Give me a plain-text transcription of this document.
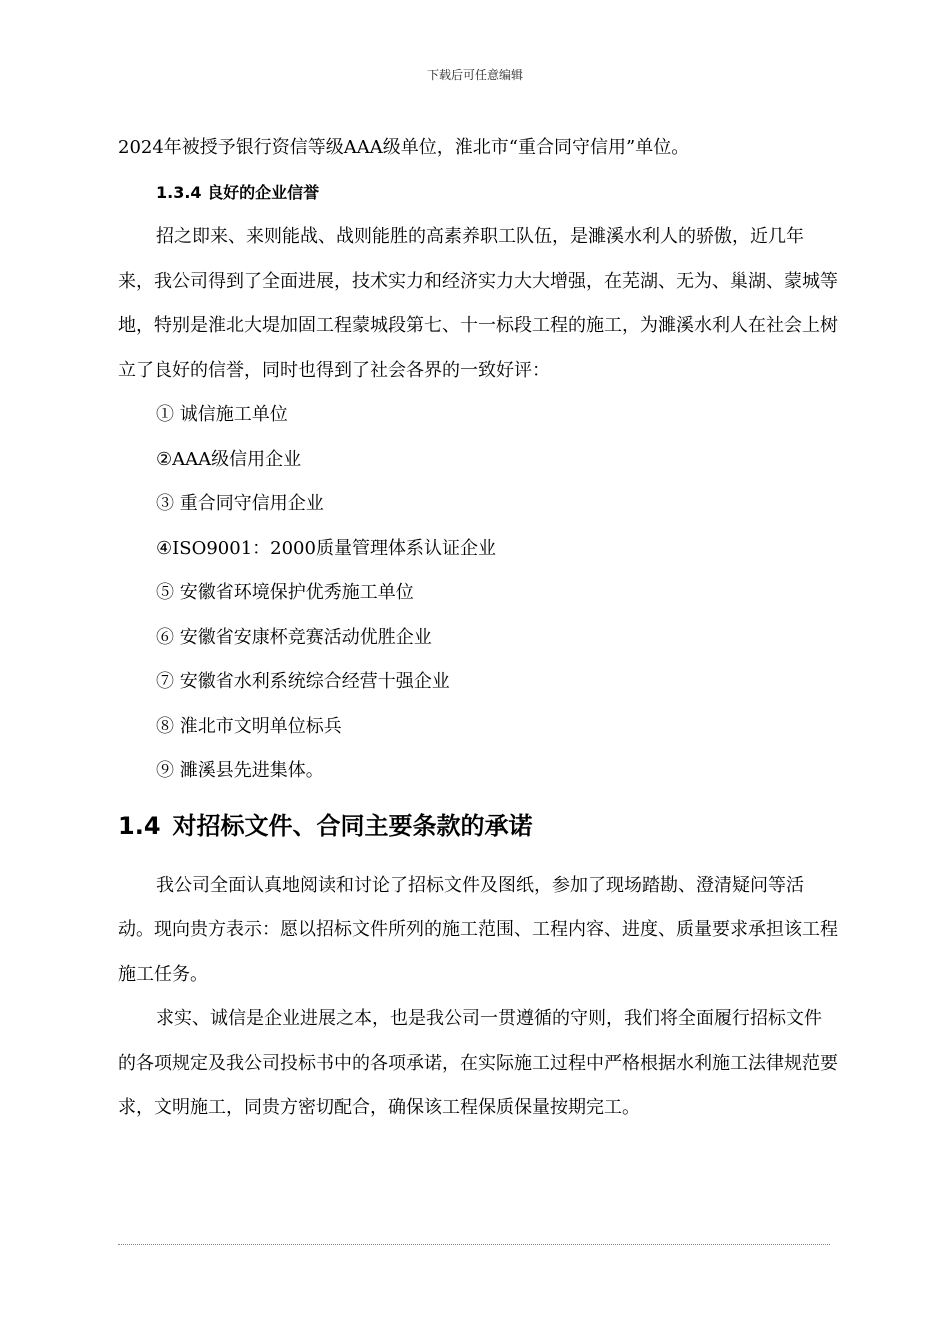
下载后可任意编辑
2024年被授予银行资信等级AAA级单位，淮北市“重合同守信用”单位。
1.3.4 良好的企业信誉

招之即来、来则能战、战则能胜的高素养职工队伍，是濉溪水利人的骄傲，近几年来，我公司得到了全面进展，技术实力和经济实力大大增强，在芜湖、无为、巢湖、蒙城等地，特别是淮北大堤加固工程蒙城段第七、十一标段工程的施工，为濉溪水利人在社会上树立了良好的信誉，同时也得到了社会各界的一致好评：

① 诚信施工单位
②AAA级信用企业
③ 重合同守信用企业
④ISO9001：2000质量管理体系认证企业
⑤ 安徽省环境保护优秀施工单位
⑥ 安徽省安康杯竞赛活动优胜企业
⑦ 安徽省水利系统综合经营十强企业
⑧ 淮北市文明单位标兵
⑨ 濉溪县先进集体。
1.4 对招标文件、合同主要条款的承诺

我公司全面认真地阅读和讨论了招标文件及图纸，参加了现场踏勘、澄清疑问等活动。现向贵方表示：愿以招标文件所列的施工范围、工程内容、进度、质量要求承担该工程施工任务。

求实、诚信是企业进展之本，也是我公司一贯遵循的守则，我们将全面履行招标文件的各项规定及我公司投标书中的各项承诺，在实际施工过程中严格根据水利施工法律规范要求，文明施工，同贵方密切配合，确保该工程保质保量按期完工。
